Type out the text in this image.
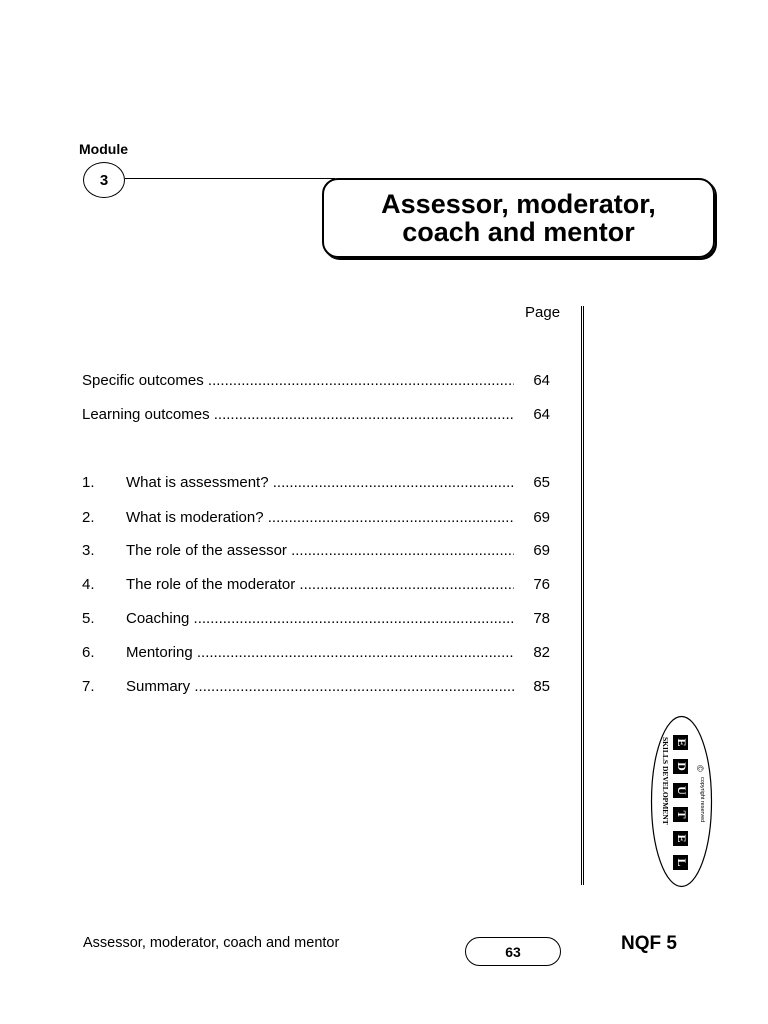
Module
3
Assessor, moderator,
coach and mentor
Page
Specific outcomes .....	64
Learning outcomes .....	64
1. What is assessment? .....	65
2. What is moderation? .....	69
3. The role of the assessor .....	69
4. The role of the moderator .....	76
5. Coaching .....	78
6. Mentoring .....	82
7. Summary .....	85
©
copyright reserved
E
D
U
T
E
L
SKILLS DEVELOPMENT
Assessor, moderator, coach and mentor
63	NQF 5
